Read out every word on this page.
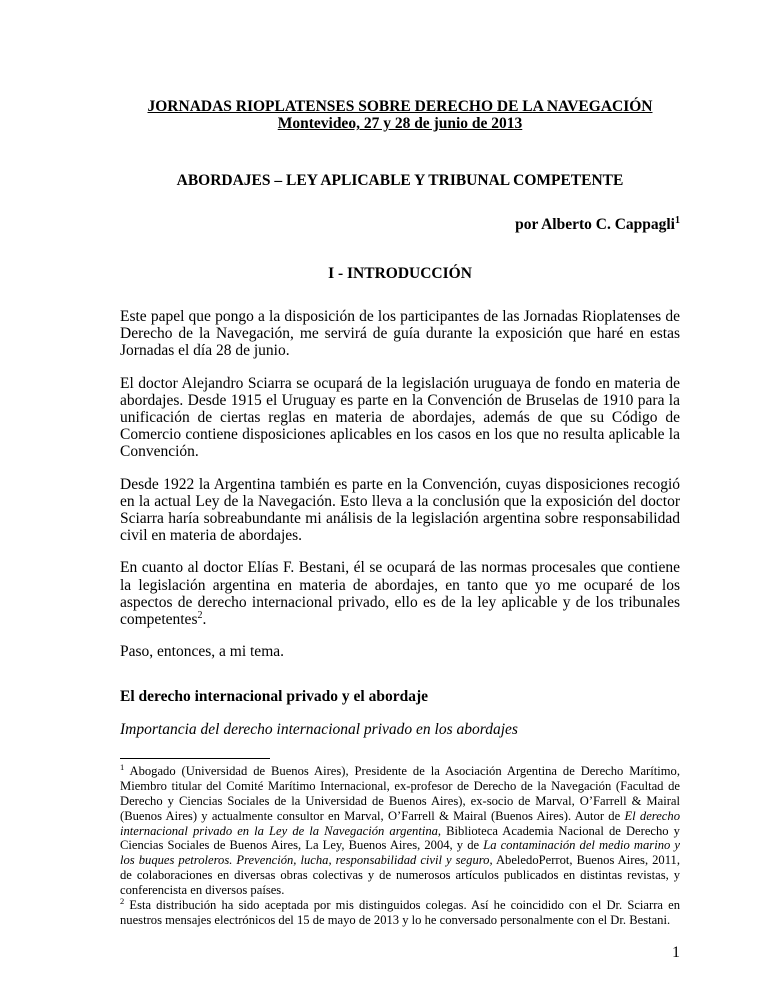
JORNADAS RIOPLATENSES SOBRE DERECHO DE LA NAVEGACIÓN
Montevideo, 27 y 28 de junio de 2013
ABORDAJES – LEY APLICABLE Y TRIBUNAL COMPETENTE
por Alberto C. Cappagli$^1$
I - INTRODUCCIÓN

Este papel que pongo a la disposición de los participantes de las Jornadas Rioplatenses de Derecho de la Navegación, me servirá de guía durante la exposición que haré en estas Jornadas el día 28 de junio.

El doctor Alejandro Sciarra se ocupará de la legislación uruguaya de fondo en materia de abordajes. Desde 1915 el Uruguay es parte en la Convención de Bruselas de 1910 para la unificación de ciertas reglas en materia de abordajes, además de que su Código de Comercio contiene disposiciones aplicables en los casos en los que no resulta aplicable la Convención.

Desde 1922 la Argentina también es parte en la Convención, cuyas disposiciones recogió en la actual Ley de la Navegación. Esto lleva a la conclusión que la exposición del doctor Sciarra haría sobreabundante mi análisis de la legislación argentina sobre responsabilidad civil en materia de abordajes.

En cuanto al doctor Elías F. Bestani, él se ocupará de las normas procesales que contiene la legislación argentina en materia de abordajes, en tanto que yo me ocuparé de los aspectos de derecho internacional privado, ello es de la ley aplicable y de los tribunales competentes$^2$.

Paso, entonces, a mi tema.

El derecho internacional privado y el abordaje
Importancia del derecho internacional privado en los abordajes

$^1$ Abogado (Universidad de Buenos Aires), Presidente de la Asociación Argentina de Derecho Marítimo, Miembro titular del Comité Marítimo Internacional, ex-profesor de Derecho de la Navegación (Facultad de Derecho y Ciencias Sociales de la Universidad de Buenos Aires), ex-socio de Marval, O’Farrell & Mairal (Buenos Aires) y actualmente consultor en Marval, O’Farrell & Mairal (Buenos Aires). Autor de El derecho internacional privado en la Ley de la Navegación argentina, Biblioteca Academia Nacional de Derecho y Ciencias Sociales de Buenos Aires, La Ley, Buenos Aires, 2004, y de La contaminación del medio marino y los buques petroleros. Prevención, lucha, responsabilidad civil y seguro, AbeledoPerrot, Buenos Aires, 2011, de colaboraciones en diversas obras colectivas y de numerosos artículos publicados en distintas revistas, y conferencista en diversos países.

$^2$ Esta distribución ha sido aceptada por mis distinguidos colegas. Así he coincidido con el Dr. Sciarra en nuestros mensajes electrónicos del 15 de mayo de 2013 y lo he conversado personalmente con el Dr. Bestani.

1
